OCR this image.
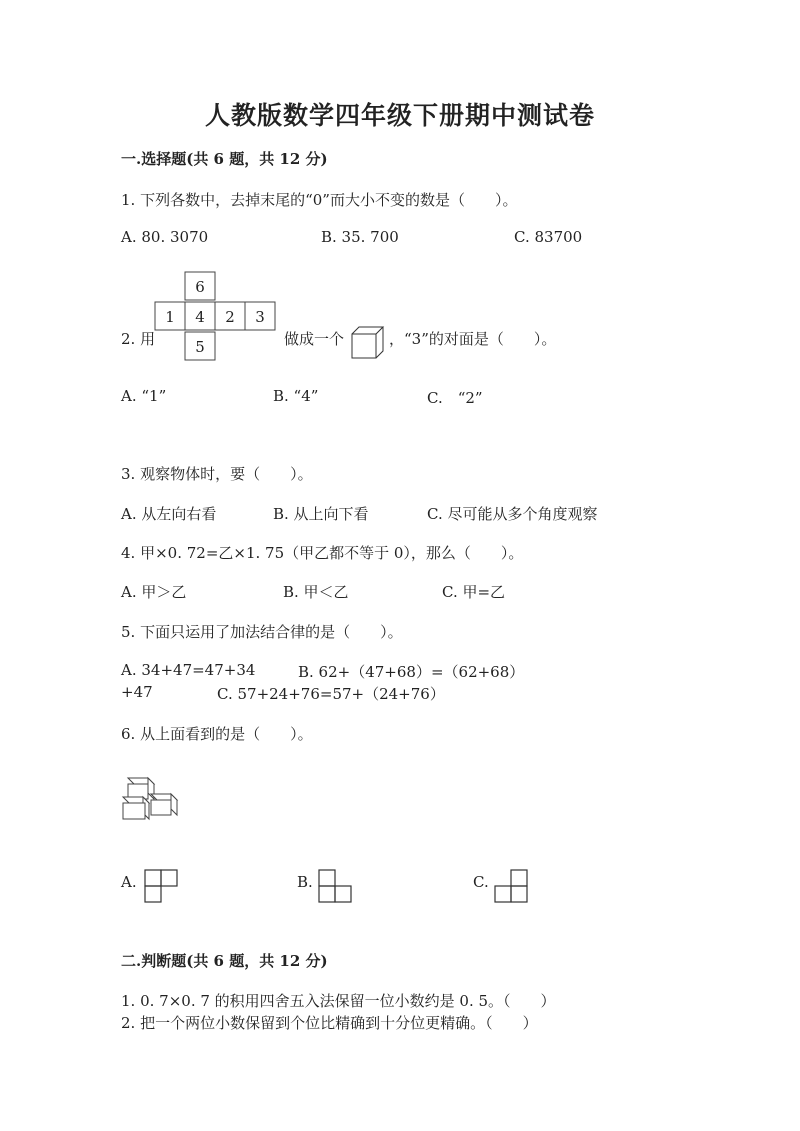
人教版数学四年级下册期中测试卷
一.选择题(共 6 题，共 12 分)
1. 下列各数中，去掉末尾的“0”而大小不变的数是（　　）。
A. 80. 3070	B. 35. 700	C. 83700
2. 用
6
1 4 2 3
5	做成一个	，“3”的对面是（　　）。
A. “1”	B. “4”	C.　“2”
3. 观察物体时，要（　　）。
A. 从左向右看	B. 从上向下看	C. 尽可能从多个角度观察
4. 甲×0. 72=乙×1. 75（甲乙都不等于 0），那么（　　）。
A. 甲＞乙	B. 甲＜乙	C. 甲=乙
5. 下面只运用了加法结合律的是（　　）。
A. 34+47=47+34	B. 62+（47+68）=（62+68）
+47	C. 57+24+76=57+（24+76）
6. 从上面看到的是（　　）。
A.	B.	C.
二.判断题(共 6 题，共 12 分)
1. 0. 7×0. 7 的积用四舍五入法保留一位小数约是 0. 5。（　　）
2. 把一个两位小数保留到个位比精确到十分位更精确。（　　）
